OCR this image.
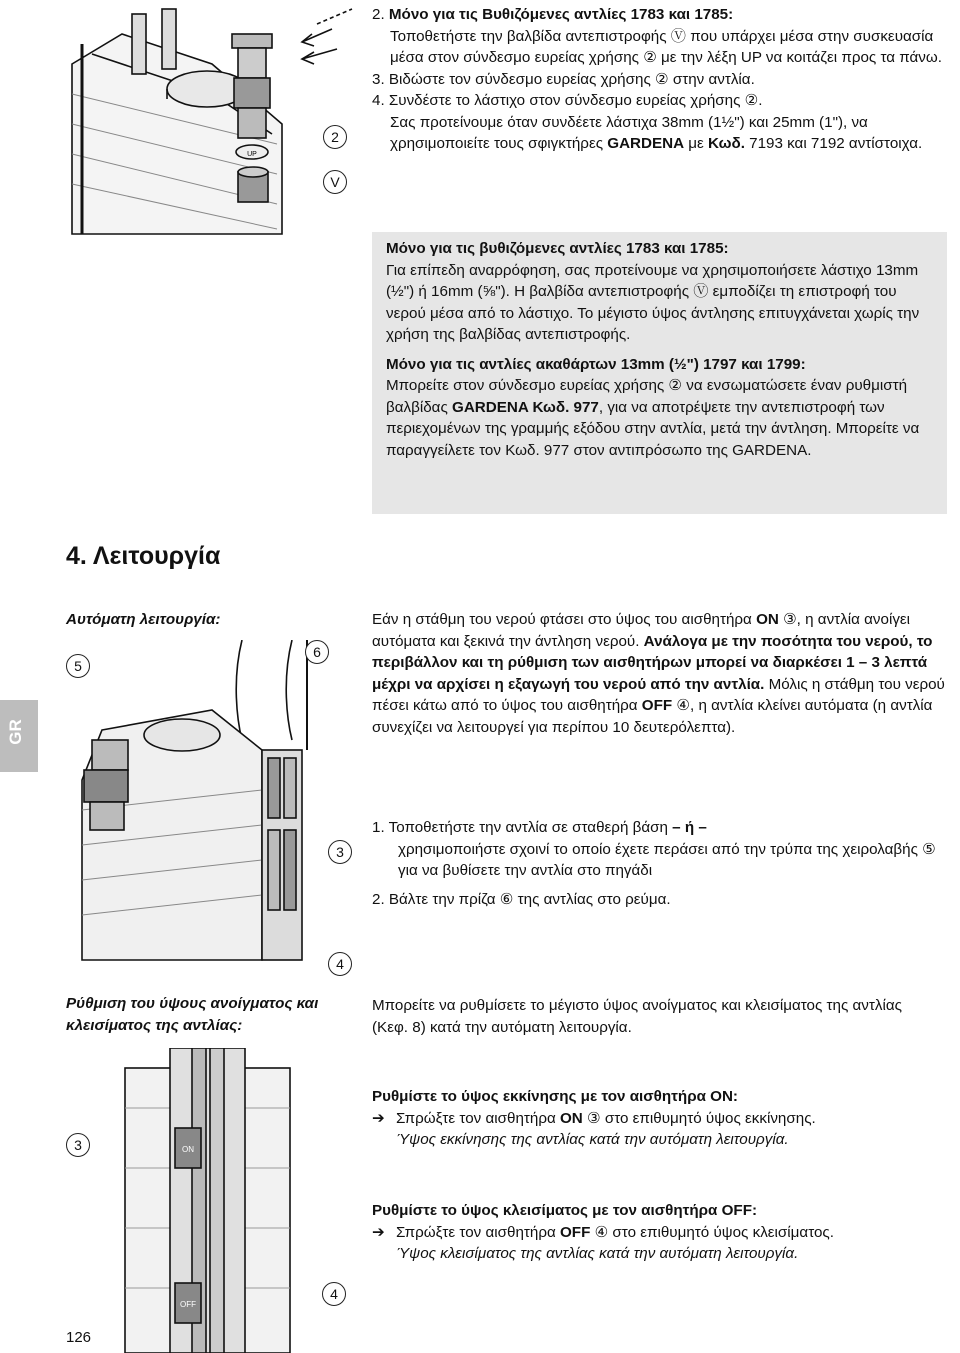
UP
2
V

2. Μόνο για τις Βυθιζόμενες αντλίες 1783 και 1785:

Τοποθετήστε την βαλβίδα αντεπιστροφής Ⓥ που υπάρχει μέσα στην συσκευασία μέσα στον σύνδεσμο ευρείας χρήσης ② με την λέξη UP να κοιτάζει προς τα πάνω.

3. Βιδώστε τον σύνδεσμο ευρείας χρήσης ② στην αντλία.

4. Συνδέστε το λάστιχο στον σύνδεσμο ευρείας χρήσης ②.

Σας προτείνουμε όταν συνδέετε λάστιχα 38mm (1½") και 25mm (1"), να χρησιμοποιείτε τους σφιγκτήρες GARDENA με Κωδ. 7193 και 7192 αντίστοιχα.

Μόνο για τις βυθιζόμενες αντλίες 1783 και 1785:

Για επίπεδη αναρρόφηση, σας προτείνουμε να χρησιμοποιήσετε λάστιχο 13mm (½") ή 16mm (⅝"). Η βαλβίδα αντεπιστροφής Ⓥ εμποδίζει τη επιστροφή του νερού μέσα από το λάστιχο. Το μέγιστο ύψος άντλησης επιτυγχάνεται χωρίς την χρήση της βαλβίδας αντεπιστροφής.

Μόνο για τις αντλίες ακαθάρτων 13mm (½") 1797 και 1799:

Μπορείτε στον σύνδεσμο ευρείας χρήσης ② να ενσωματώσετε έναν ρυθμιστή βαλβίδας GARDENA Κωδ. 977, για να αποτρέψετε την αντεπιστροφή των περιεχομένων της γραμμής εξόδου στην αντλία, μετά την άντληση. Μπορείτε να παραγγείλετε τον Κωδ. 977 στον αντιπρόσωπο της GARDENA.

4. Λειτουργία
GR
Αυτόματη λειτουργία:
5
6
3
4
Εάν η στάθμη του νερού φτάσει στο ύψος του αισθητήρα ON ③, η αντλία ανοίγει αυτόματα και ξεκινά την άντληση νερού. Ανάλογα με την ποσότητα του νερού, το περιβάλλον και τη ρύθμιση των αισθητήρων μπορεί να διαρκέσει 1 – 3 λεπτά μέχρι να αρχίσει η εξαγωγή του νερού από την αντλία. Μόλις η στάθμη του νερού πέσει κάτω από το ύψος του αισθητήρα OFF ④, η αντλία κλείνει αυτόματα (η αντλία συνεχίζει να λειτουργεί για περίπου 10 δευτερόλεπτα).

1. Τοποθετήστε την αντλία σε σταθερή βάση – ή –

χρησιμοποιήστε σχοινί το οποίο έχετε περάσει από την τρύπα της χειρολαβής ⑤ για να βυθίσετε την αντλία στο πηγάδι

2. Βάλτε την πρίζα ⑥ της αντλίας στο ρεύμα.

Ρύθμιση του ύψους ανοίγματος και κλεισίματος της αντλίας:
ON
OFF
3
4
Μπορείτε να ρυθμίσετε το μέγιστο ύψος ανοίγματος και κλεισίματος της αντλίας (Κεφ. 8) κατά την αυτόματη λειτουργία.

Ρυθμίστε το ύψος εκκίνησης με τον αισθητήρα ON:

➔ Σπρώξτε τον αισθητήρα ON ③ στο επιθυμητό ύψος εκκίνησης.

Ύψος εκκίνησης της αντλίας κατά την αυτόματη λειτουργία.

Ρυθμίστε το ύψος κλεισίματος με τον αισθητήρα OFF:

➔ Σπρώξτε τον αισθητήρα OFF ④ στο επιθυμητό ύψος κλεισίματος.

Ύψος κλεισίματος της αντλίας κατά την αυτόματη λειτουργία.

126
